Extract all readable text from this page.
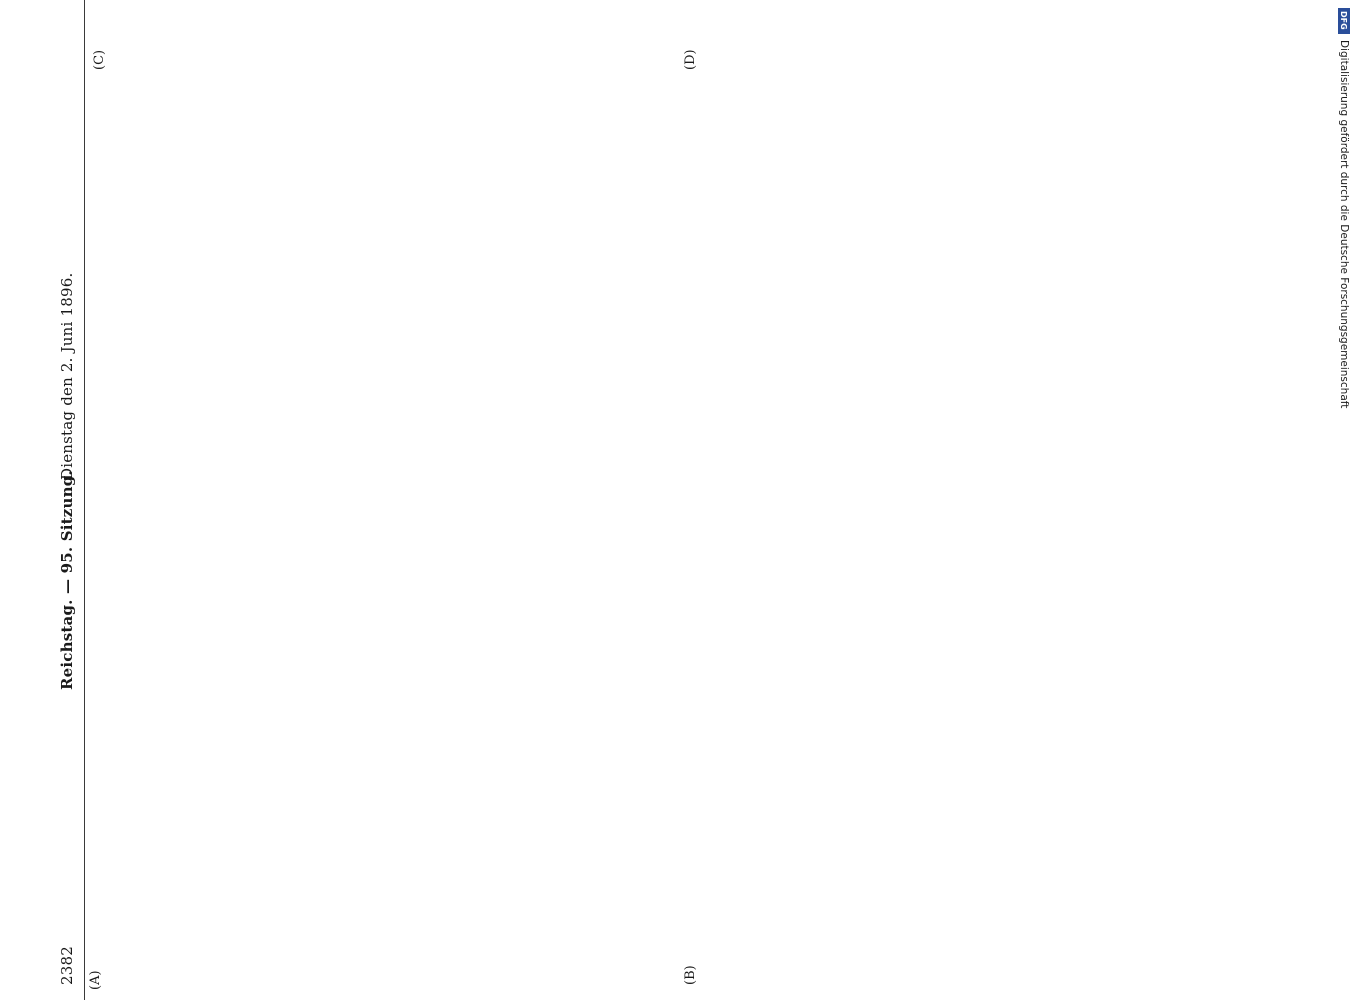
2382
Reichstag. — 95. Sitzung.
Dienstag den 2. Juni 1896.
(A)	(B)
(C)	(D)
DFG
Digitalisierung gefördert durch die Deutsche Forschungsgemeinschaft
